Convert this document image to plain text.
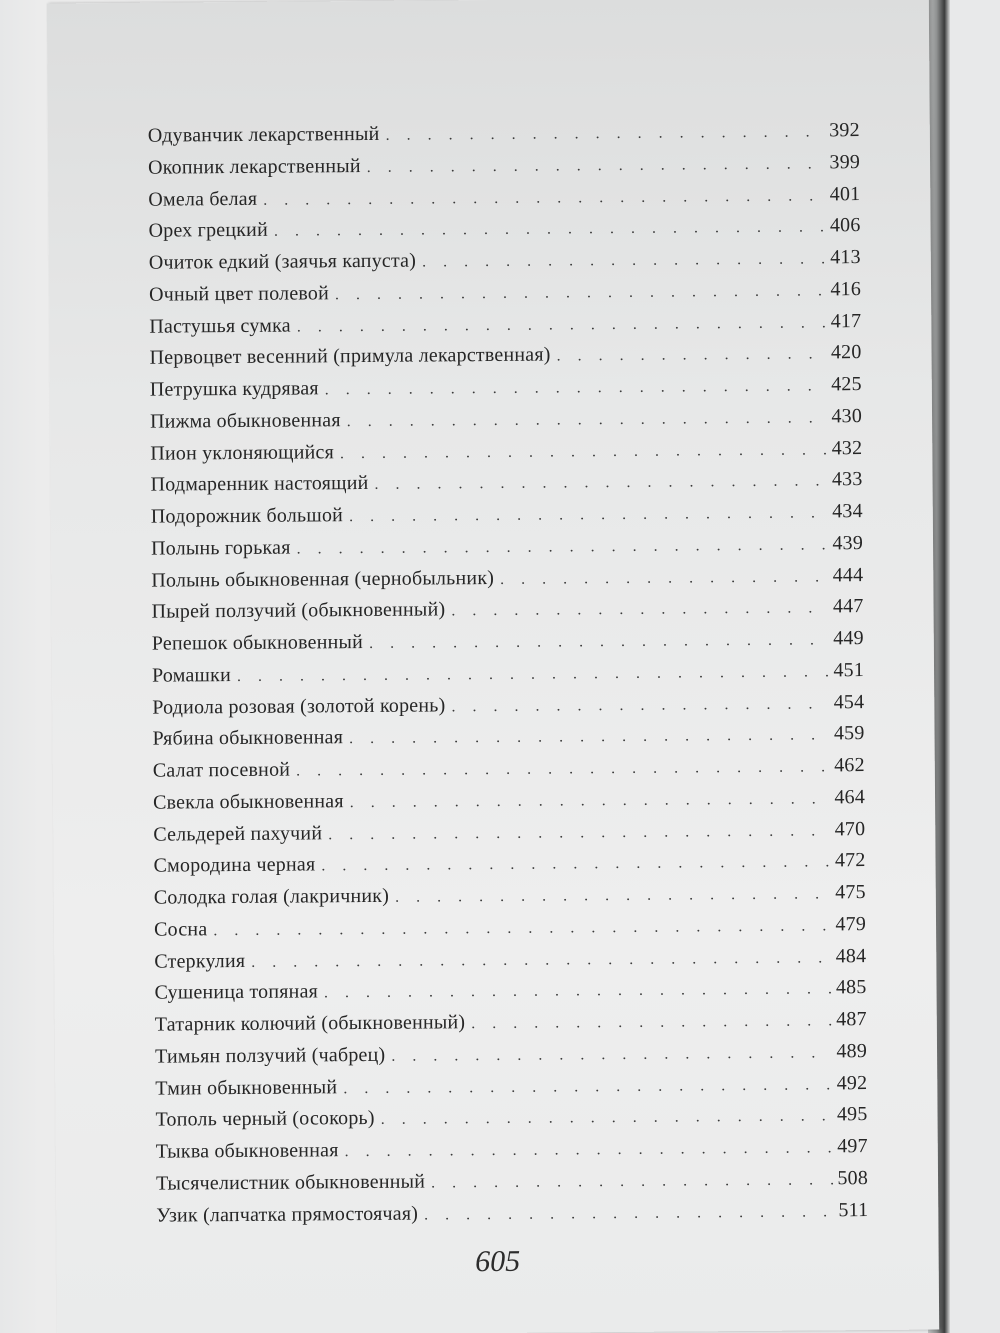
Одуванчик лекарственный . . .	392
Окопник лекарственный . . .	399
Омела белая . . .	401
Орех грецкий . . .	406
Очиток едкий (заячья капуста) . . .	413
Очный цвет полевой . . .	416
Пастушья сумка . . .	417
Первоцвет весенний (примула лекарственная) . . .	420
Петрушка кудрявая . . .	425
Пижма обыкновенная . . .	430
Пион уклоняющийся . . .	432
Подмаренник настоящий . . .	433
Подорожник большой . . .	434
Полынь горькая . . .	439
Полынь обыкновенная (чернобыльник) . . .	444
Пырей ползучий (обыкновенный) . . .	447
Репешок обыкновенный . . .	449
Ромашки . . .	451
Родиола розовая (золотой корень) . . .	454
Рябина обыкновенная . . .	459
Салат посевной . . .	462
Свекла обыкновенная . . .	464
Сельдерей пахучий . . .	470
Смородина черная . . .	472
Солодка голая (лакричник) . . .	475
Сосна . . .	479
Стеркулия . . .	484
Сушеница топяная . . .	485
Татарник колючий (обыкновенный) . . .	487
Тимьян ползучий (чабрец) . . .	489
Тмин обыкновенный . . .	492
Тополь черный (осокорь) . . .	495
Тыква обыкновенная . . .	497
Тысячелистник обыкновенный . . .	508
Узик (лапчатка прямостоячая) . . .	511
605
